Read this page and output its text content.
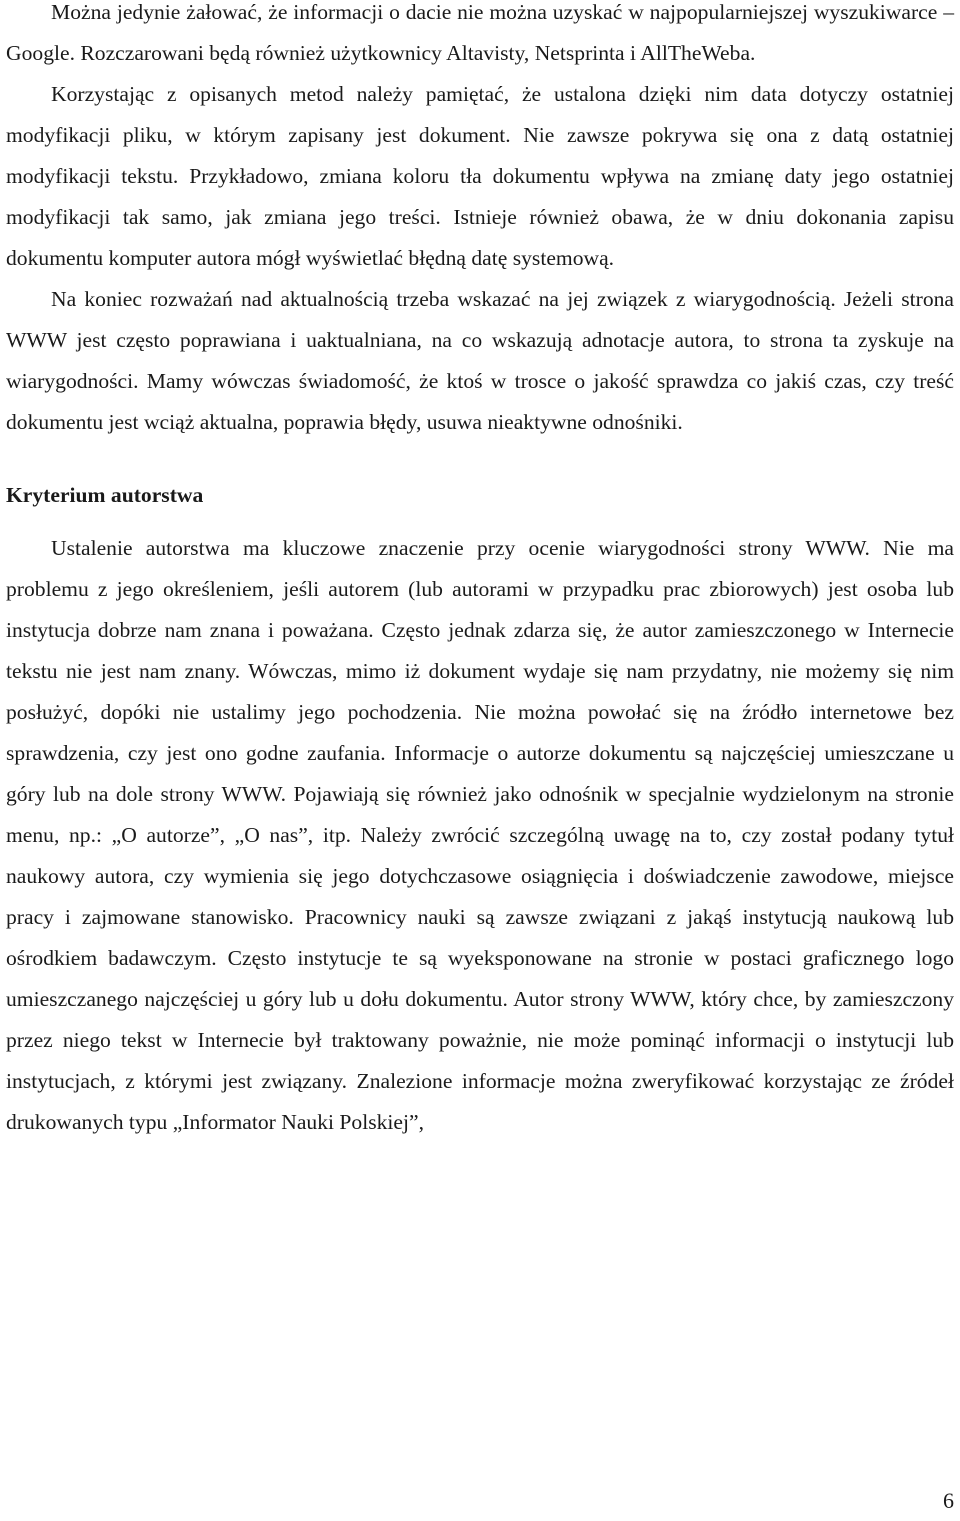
Można jedynie żałować, że informacji o dacie nie można uzyskać w najpopularniejszej wyszukiwarce – Google. Rozczarowani będą również użytkownicy Altavisty, Netsprinta i AllTheWeba.

Korzystając z opisanych metod należy pamiętać, że ustalona dzięki nim data dotyczy ostatniej modyfikacji pliku, w którym zapisany jest dokument. Nie zawsze pokrywa się ona z datą ostatniej modyfikacji tekstu. Przykładowo, zmiana koloru tła dokumentu wpływa na zmianę daty jego ostatniej modyfikacji tak samo, jak zmiana jego treści. Istnieje również obawa, że w dniu dokonania zapisu dokumentu komputer autora mógł wyświetlać błędną datę systemową.

Na koniec rozważań nad aktualnością trzeba wskazać na jej związek z wiarygodnością. Jeżeli strona WWW jest często poprawiana i uaktualniana, na co wskazują adnotacje autora, to strona ta zyskuje na wiarygodności. Mamy wówczas świadomość, że ktoś w trosce o jakość sprawdza co jakiś czas, czy treść dokumentu jest wciąż aktualna, poprawia błędy, usuwa nieaktywne odnośniki.

Kryterium autorstwa

Ustalenie autorstwa ma kluczowe znaczenie przy ocenie wiarygodności strony WWW. Nie ma problemu z jego określeniem, jeśli autorem (lub autorami w przypadku prac zbiorowych) jest osoba lub instytucja dobrze nam znana i poważana. Często jednak zdarza się, że autor zamieszczonego w Internecie tekstu nie jest nam znany. Wówczas, mimo iż dokument wydaje się nam przydatny, nie możemy się nim posłużyć, dopóki nie ustalimy jego pochodzenia. Nie można powołać się na źródło internetowe bez sprawdzenia, czy jest ono godne zaufania. Informacje o autorze dokumentu są najczęściej umieszczane u góry lub na dole strony WWW. Pojawiają się również jako odnośnik w specjalnie wydzielonym na stronie menu, np.: „O autorze”, „O nas”, itp. Należy zwrócić szczególną uwagę na to, czy został podany tytuł naukowy autora, czy wymienia się jego dotychczasowe osiągnięcia i doświadczenie zawodowe, miejsce pracy i zajmowane stanowisko. Pracownicy nauki są zawsze związani z jakąś instytucją naukową lub ośrodkiem badawczym. Często instytucje te są wyeksponowane na stronie w postaci graficznego logo umieszczanego najczęściej u góry lub u dołu dokumentu. Autor strony WWW, który chce, by zamieszczony przez niego tekst w Internecie był traktowany poważnie, nie może pominąć informacji o instytucji lub instytucjach, z którymi jest związany. Znalezione informacje można zweryfikować korzystając ze źródeł drukowanych typu „Informator Nauki Polskiej”,

6
